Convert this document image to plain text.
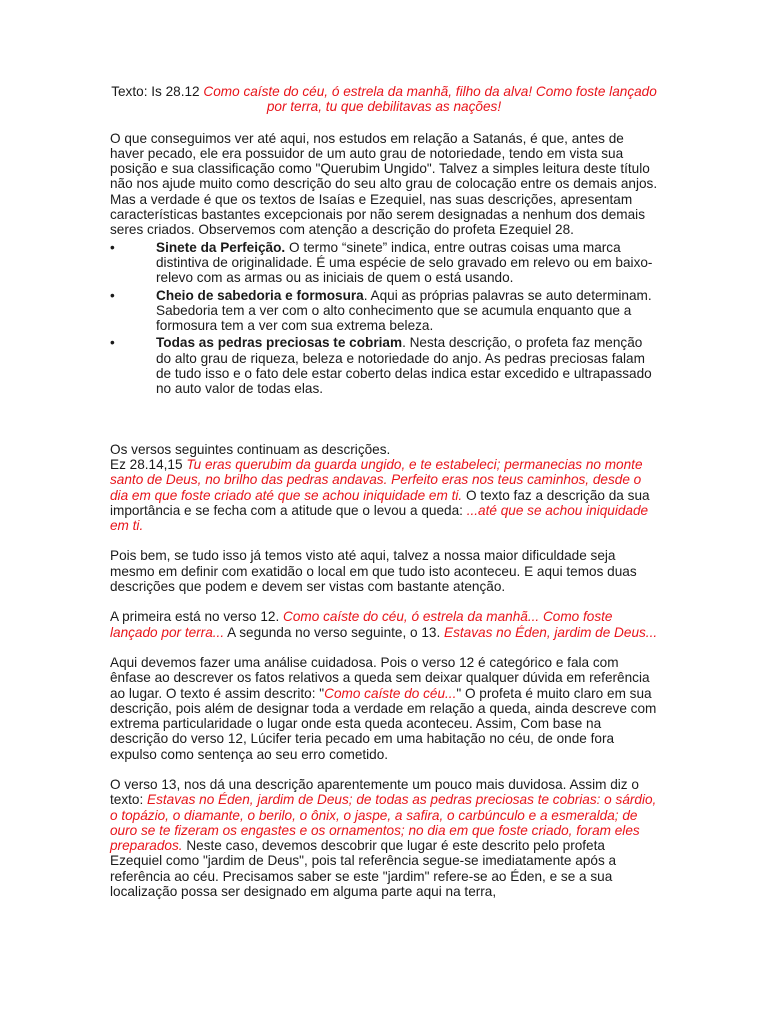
Texto: Is 28.12 Como caíste do céu, ó estrela da manhã, filho da alva! Como foste lançado por terra, tu que debilitavas as nações!

O que conseguimos ver até aqui, nos estudos em relação a Satanás, é que, antes de haver pecado, ele era possuidor de um auto grau de notoriedade, tendo em vista sua posição e sua classificação como "Querubim Ungido". Talvez a simples leitura deste título não nos ajude muito como descrição do seu alto grau de colocação entre os demais anjos. Mas a verdade é que os textos de Isaías e Ezequiel, nas suas descrições, apresentam características bastantes excepcionais por não serem designadas a nenhum dos demais seres criados. Observemos com atenção a descrição do profeta Ezequiel 28.

•	Sinete da Perfeição. O termo “sinete” indica, entre outras coisas uma marca distintiva de originalidade. É uma espécie de selo gravado em relevo ou em baixo-relevo com as armas ou as iniciais de quem o está usando.
•	Cheio de sabedoria e formosura. Aqui as próprias palavras se auto determinam. Sabedoria tem a ver com o alto conhecimento que se acumula enquanto que a formosura tem a ver com sua extrema beleza.
•	Todas as pedras preciosas te cobriam. Nesta descrição, o profeta faz menção do alto grau de riqueza, beleza e notoriedade do anjo. As pedras preciosas falam de tudo isso e o fato dele estar coberto delas indica estar excedido e ultrapassado no auto valor de todas elas.

Os versos seguintes continuam as descrições.

Ez 28.14,15 Tu eras querubim da guarda ungido, e te estabeleci; permanecias no monte santo de Deus, no brilho das pedras andavas. Perfeito eras nos teus caminhos, desde o dia em que foste criado até que se achou iniquidade em ti. O texto faz a descrição da sua importância e se fecha com a atitude que o levou a queda: ...até que se achou iniquidade em ti.

Pois bem, se tudo isso já temos visto até aqui, talvez a nossa maior dificuldade seja mesmo em definir com exatidão o local em que tudo isto aconteceu. E aqui temos duas descrições que podem e devem ser vistas com bastante atenção.

A primeira está no verso 12. Como caíste do céu, ó estrela da manhã... Como foste lançado por terra... A segunda no verso seguinte, o 13. Estavas no Éden, jardim de Deus...

Aqui devemos fazer uma análise cuidadosa. Pois o verso 12 é categórico e fala com ênfase ao descrever os fatos relativos a queda sem deixar qualquer dúvida em referência ao lugar. O texto é assim descrito: "Como caíste do céu..." O profeta é muito claro em sua descrição, pois além de designar toda a verdade em relação a queda, ainda descreve com extrema particularidade o lugar onde esta queda aconteceu. Assim, Com base na descrição do verso 12, Lúcifer teria pecado em uma habitação no céu, de onde fora expulso como sentença ao seu erro cometido.

O verso 13, nos dá una descrição aparentemente um pouco mais duvidosa. Assim diz o texto: Estavas no Éden, jardim de Deus; de todas as pedras preciosas te cobrias: o sárdio, o topázio, o diamante, o berilo, o ônix, o jaspe, a safira, o carbúnculo e a esmeralda; de ouro se te fizeram os engastes e os ornamentos; no dia em que foste criado, foram eles preparados. Neste caso, devemos descobrir que lugar é este descrito pelo profeta Ezequiel como "jardim de Deus", pois tal referência segue-se imediatamente após a referência ao céu. Precisamos saber se este "jardim" refere-se ao Éden, e se a sua localização possa ser designado em alguma parte aqui na terra,
